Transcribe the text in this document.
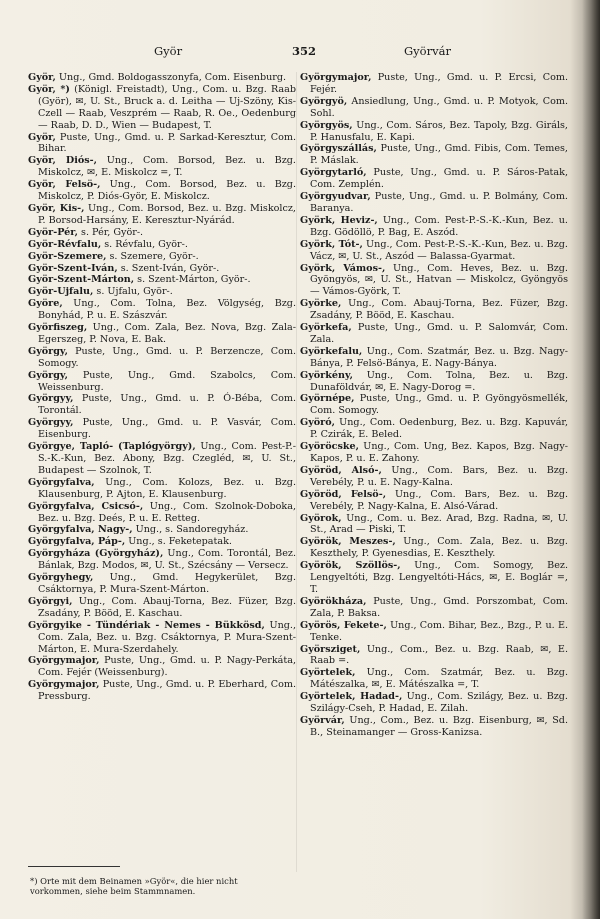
Györ	352	Györvár

Györ, Ung., Gmd. Boldogasszonyfa, Com. Eisenburg.

Györ, *) (Königl. Freistadt), Ung., Com. u. Bzg. Raab (Györ), ✉, U. St., Bruck a. d. Leitha — Uj-Szöny, Kis-Czell — Raab, Veszprém — Raab, R. Oe., Oedenburg — Raab, D. D., Wien — Budapest, T.

Györ, Puste, Ung., Gmd. u. P. Sarkad-Keresztur, Com. Bihar.

Györ, Diós-, Ung., Com. Borsod, Bez. u. Bzg. Miskolcz, ✉, E. Miskolcz =, T.

Györ, Felsö-, Ung., Com. Borsod, Bez. u. Bzg. Miskolcz, P. Diós-Györ, E. Miskolcz.

Györ, Kis-, Ung., Com. Borsod, Bez. u. Bzg. Miskolcz, P. Borsod-Harsány, E. Keresztur-Nyárád.

Györ-Pér, s. Pér, Györ-.

Györ-Révfalu, s. Révfalu, Györ-.

Györ-Szemere, s. Szemere, Györ-.

Györ-Szent-Iván, s. Szent-Iván, Györ-.

Györ-Szent-Márton, s. Szent-Márton, Györ-.

Györ-Ujfalu, s. Ujfalu, Györ-.

Györe, Ung., Com. Tolna, Bez. Völgység, Bzg. Bonyhád, P. u. E. Szászvár.

Györfiszeg, Ung., Com. Zala, Bez. Nova, Bzg. Zala-Egerszeg, P. Nova, E. Bak.

György, Puste, Ung., Gmd. u. P. Berzencze, Com. Somogy.

György, Puste, Ung., Gmd. Szabolcs, Com. Weissenburg.

Györgyy, Puste, Ung., Gmd. u. P. Ó-Béba, Com. Torontál.

Györgyy, Puste, Ung., Gmd. u. P. Vasvár, Com. Eisenburg.

Györgye, Tapló- (Taplógyörgy), Ung., Com. Pest-P.-S.-K.-Kun, Bez. Abony, Bzg. Czegléd, ✉, U. St., Budapest — Szolnok, T.

Györgyfalva, Ung., Com. Kolozs, Bez. u. Bzg. Klausenburg, P. Ajton, E. Klausenburg.

Györgyfalva, Csicsó-, Ung., Com. Szolnok-Doboka, Bez. u. Bzg. Deés, P. u. E. Retteg.

Györgyfalva, Nagy-, Ung., s. Sandoregyház.

Györgyfalva, Páp-, Ung., s. Feketepatak.

Györgyháza (Györgyház), Ung., Com. Torontál, Bez. Bánlak, Bzg. Modos, ✉, U. St., Szécsány — Versecz.

Györgyhegy, Ung., Gmd. Hegykerület, Bzg. Csáktornya, P. Mura-Szent-Márton.

Györgyi, Ung., Com. Abauj-Torna, Bez. Füzer, Bzg. Zsadány, P. Bööd, E. Kaschau.

Györgyike - Tündériak - Nemes - Bükkösd, Ung., Com. Zala, Bez. u. Bzg. Csáktornya, P. Mura-Szent-Márton, E. Mura-Szerdahely.

Györgymajor, Puste, Ung., Gmd. u. P. Nagy-Perkáta, Com. Fejér (Weissenburg).

Györgymajor, Puste, Ung., Gmd. u. P. Eberhard, Com. Pressburg.

Györgymajor, Puste, Ung., Gmd. u. P. Ercsi, Com. Fejér.

Györgyö, Ansiedlung, Ung., Gmd. u. P. Motyok, Com. Sohl.

Györgyös, Ung., Com. Sáros, Bez. Tapoly, Bzg. Giráls, P. Hanusfalu, E. Kapi.

Györgyszállás, Puste, Ung., Gmd. Fibis, Com. Temes, P. Máslak.

Györgytarló, Puste, Ung., Gmd. u. P. Sáros-Patak, Com. Zemplén.

Györgyudvar, Puste, Ung., Gmd. u. P. Bolmány, Com. Baranya.

Györk, Heviz-, Ung., Com. Pest-P.-S.-K.-Kun, Bez. u. Bzg. Gödöllö, P. Bag, E. Aszód.

Györk, Tót-, Ung., Com. Pest-P.-S.-K.-Kun, Bez. u. Bzg. Vácz, ✉, U. St., Aszód — Balassa-Gyarmat.

Györk, Vámos-, Ung., Com. Heves, Bez. u. Bzg. Gyöngyös, ✉, U. St., Hatvan — Miskolcz, Gyöngyös — Vámos-Györk, T.

Györke, Ung., Com. Abauj-Torna, Bez. Füzer, Bzg. Zsadány, P. Bööd, E. Kaschau.

Györkefa, Puste, Ung., Gmd. u. P. Salomvár, Com. Zala.

Györkefalu, Ung., Com. Szatmár, Bez. u. Bzg. Nagy-Bánya, P. Felsö-Bánya, E. Nagy-Bánya.

Györkény, Ung., Com. Tolna, Bez. u. Bzg. Dunaföldvár, ✉, E. Nagy-Dorog =.

Györnépe, Puste, Ung., Gmd. u. P. Gyöngyösmellék, Com. Somogy.

Györó, Ung., Com. Oedenburg, Bez. u. Bzg. Kapuvár, P. Czirák, E. Beled.

Györöcske, Ung., Com. Ung, Bez. Kapos, Bzg. Nagy-Kapos, P. u. E. Zahony.

Györöd, Alsó-, Ung., Com. Bars, Bez. u. Bzg. Verebély, P. u. E. Nagy-Kalna.

Györöd, Felsö-, Ung., Com. Bars, Bez. u. Bzg. Verebély, P. Nagy-Kalna, E. Alsó-Várad.

Györok, Ung., Com. u. Bez. Arad, Bzg. Radna, ✉, U. St., Arad — Piski, T.

Györök, Meszes-, Ung., Com. Zala, Bez. u. Bzg. Keszthely, P. Gyenesdias, E. Keszthely.

Györök, Szöllös-, Ung., Com. Somogy, Bez. Lengyeltóti, Bzg. Lengyeltóti-Hács, ✉, E. Boglár =, T.

Györökháza, Puste, Ung., Gmd. Porszombat, Com. Zala, P. Baksa.

Györös, Fekete-, Ung., Com. Bihar, Bez., Bzg., P. u. E. Tenke.

Györsziget, Ung., Com., Bez. u. Bzg. Raab, ✉, E. Raab =.

Györtelek, Ung., Com. Szatmár, Bez. u. Bzg. Mátészalka, ✉, E. Mátészalka =, T.

Györtelek, Hadad-, Ung., Com. Szilágy, Bez. u. Bzg. Szilágy-Cseh, P. Hadad, E. Zilah.

Györvár, Ung., Com., Bez. u. Bzg. Eisenburg, ✉, Sd. B., Steinamanger — Gross-Kanizsa.

*) Orte mit dem Beinamen »Györ«, die hier nicht vorkommen, siehe beim Stammnamen.
